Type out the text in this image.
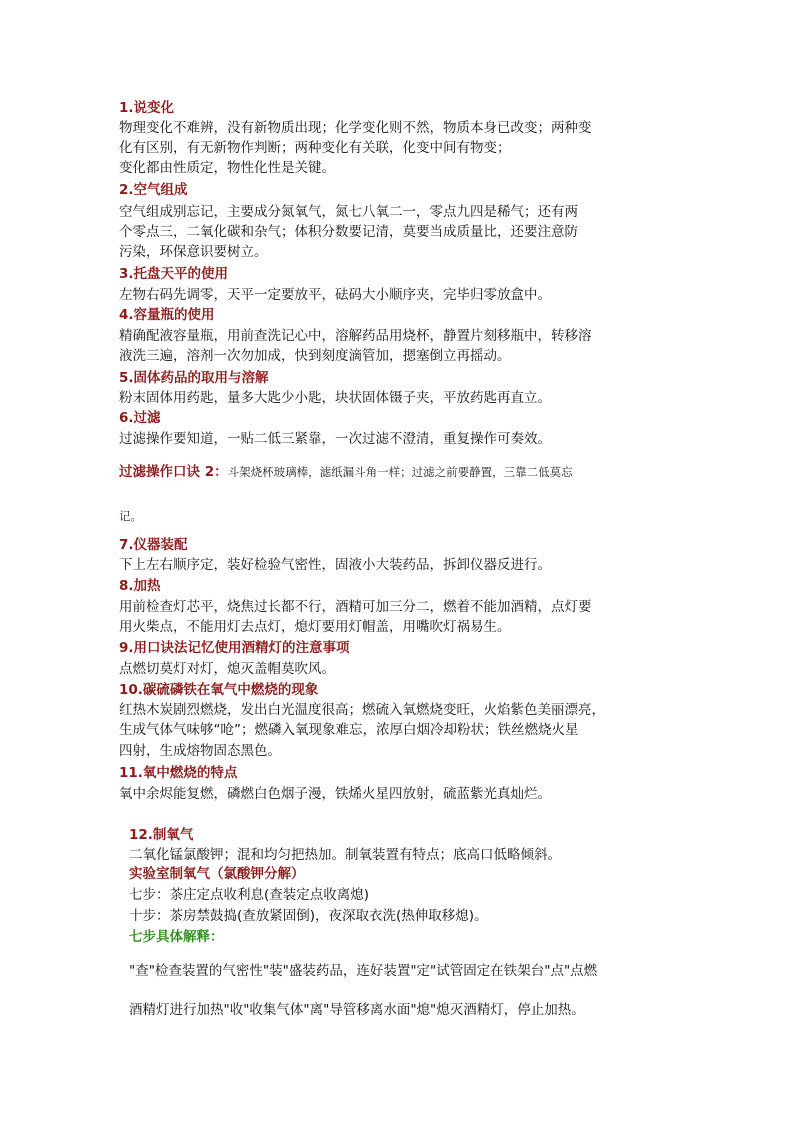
1.说变化
物理变化不难辨，没有新物质出现；化学变化则不然，物质本身已改变；两种变
化有区别，有无新物作判断；两种变化有关联，化变中间有物变；
变化都由性质定，物性化性是关键。
2.空气组成
空气组成别忘记，主要成分氮氧气，氮七八氧二一，零点九四是稀气；还有两
个零点三，二氧化碳和杂气；体积分数要记清，莫要当成质量比，还要注意防
污染，环保意识要树立。
3.托盘天平的使用
左物右码先调零，天平一定要放平，砝码大小顺序夹，完毕归零放盒中。
4.容量瓶的使用
精确配液容量瓶，用前查洗记心中，溶解药品用烧杯，静置片刻移瓶中，转移溶
液洗三遍，溶剂一次勿加成，快到刻度滴管加，摁塞倒立再摇动。
5.固体药品的取用与溶解
粉末固体用药匙，量多大匙少小匙，块状固体镊子夹，平放药匙再直立。
6.过滤
过滤操作要知道，一贴二低三紧靠，一次过滤不澄清，重复操作可奏效。
过滤操作口诀 2：斗架烧杯玻璃棒，滤纸漏斗角一样；过滤之前要静置，三靠二低莫忘
记。
7.仪器装配
下上左右顺序定，装好检验气密性，固液小大装药品，拆卸仪器反进行。
8.加热
用前检查灯芯平，烧焦过长都不行，酒精可加三分二，燃着不能加酒精，点灯要
用火柴点，不能用灯去点灯，熄灯要用灯帽盖，用嘴吹灯祸易生。
9.用口诀法记忆使用酒精灯的注意事项
点燃切莫灯对灯，熄灭盖帽莫吹风。
10.碳硫磷铁在氧气中燃烧的现象
红热木炭剧烈燃烧，发出白光温度很高；燃硫入氧燃烧变旺，火焰紫色美丽漂亮，
生成气体气味够“呛”；燃磷入氧现象难忘，浓厚白烟冷却粉状；铁丝燃烧火星
四射，生成熔物固态黑色。
11.氧中燃烧的特点
氧中余烬能复燃，磷燃白色烟子漫，铁烯火星四放射，硫蓝紫光真灿烂。
12.制氧气
二氧化锰氯酸钾；混和均匀把热加。制氧装置有特点；底高口低略倾斜。
实验室制氧气（氯酸钾分解）
七步：茶庄定点收利息(查装定点收离熄)
十步：茶房禁鼓捣(查放紧固倒)，夜深取衣洗(热伸取移熄)。
七步具体解释：
"查"检查装置的气密性"装"盛装药品，连好装置"定"试管固定在铁架台"点"点燃
酒精灯进行加热"收"收集气体"离"导管移离水面"熄"熄灭酒精灯，停止加热。
